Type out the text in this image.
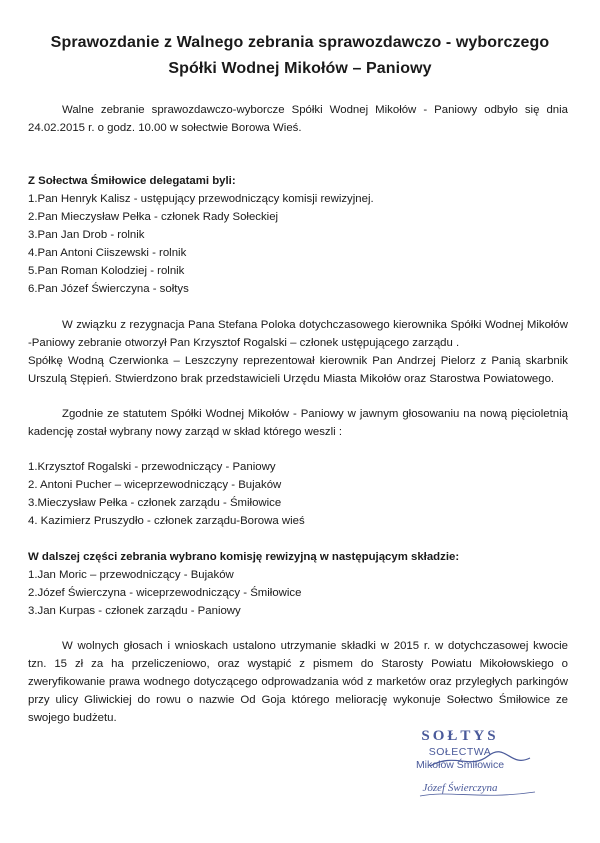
Sprawozdanie z Walnego zebrania sprawozdawczo - wyborczego
Spółki Wodnej Mikołów – Paniowy
Walne zebranie sprawozdawczo-wyborcze Spółki Wodnej Mikołów - Paniowy odbyło się dnia 24.02.2015 r. o godz. 10.00 w sołectwie Borowa Wieś.
Z Sołectwa Śmiłowice delegatami byli:
1.Pan Henryk Kalisz - ustępujący przewodniczący komisji rewizyjnej.
2.Pan Mieczysław Pełka - członek Rady Sołeckiej
3.Pan Jan Drob - rolnik
4.Pan Antoni Ciiszewski - rolnik
5.Pan Roman Kolodziej - rolnik
6.Pan Józef Świerczyna - sołtys
W związku z rezygnacja Pana Stefana Poloka dotychczasowego kierownika Spółki Wodnej Mikołów -Paniowy zebranie otworzył Pan Krzysztof Rogalski – członek ustępującego zarządu .
Spółkę Wodną Czerwionka – Leszczyny reprezentował kierownik Pan Andrzej Pielorz z Panią skarbnik Urszulą Stępień. Stwierdzono brak przedstawicieli Urzędu Miasta Mikołów oraz Starostwa Powiatowego.
Zgodnie ze statutem Spółki Wodnej Mikołów - Paniowy w jawnym głosowaniu na nową pięcioletnią kadencję został wybrany nowy zarząd w skład którego weszli :
1.Krzysztof Rogalski - przewodniczący - Paniowy
2. Antoni Pucher – wiceprzewodniczący - Bujaków
3.Mieczysław Pełka - członek zarządu - Śmiłowice
4. Kazimierz Pruszydło - członek zarządu-Borowa wieś
W dalszej części zebrania wybrano komisję rewizyjną w następującym składzie:
1.Jan Moric – przewodniczący - Bujaków
2.Józef Świerczyna - wiceprzewodniczący - Śmiłowice
3.Jan Kurpas - członek zarządu - Paniowy
W wolnych głosach i wnioskach ustalono utrzymanie składki w 2015 r. w dotychczasowej kwocie tzn. 15 zł za ha przeliczeniowo, oraz wystąpić z pismem do Starosty Powiatu Mikołowskiego o zweryfikowanie prawa wodnego dotyczącego odprowadzania wód z marketów oraz przyległych parkingów przy ulicy Gliwickiej do rowu o nazwie Od Goja którego meliorację wykonuje Sołectwo Śmiłowice ze swojego budżetu.
SOŁTYS
SOŁECTWA
Mikołów Śmiłowice
Józef Świerczyna
